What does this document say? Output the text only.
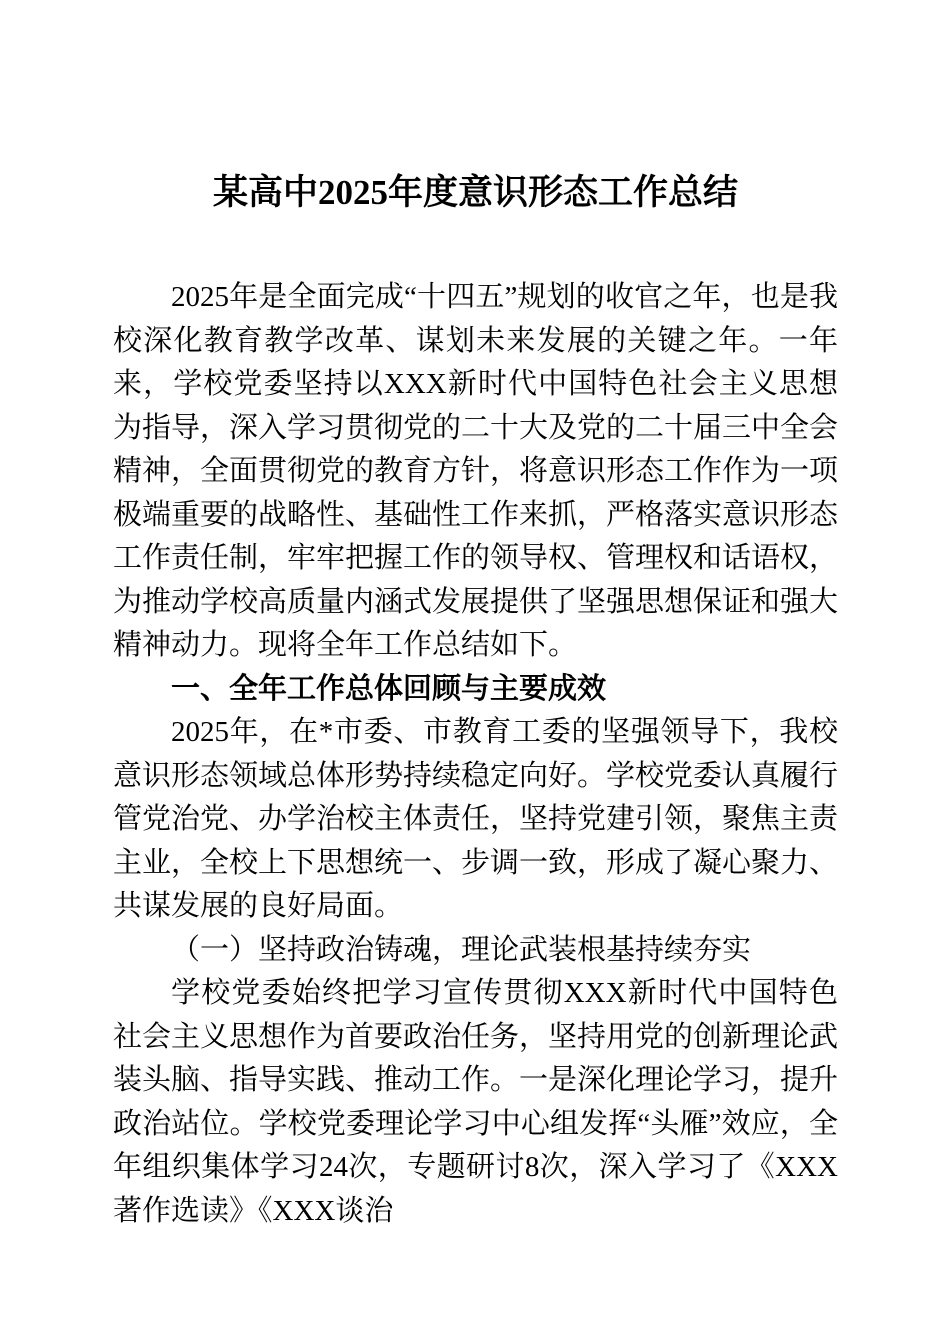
某高中2025年度意识形态工作总结

2025年是全面完成“十四五”规划的收官之年，也是我校深化教育教学改革、谋划未来发展的关键之年。一年来，学校党委坚持以XXX新时代中国特色社会主义思想为指导，深入学习贯彻党的二十大及党的二十届三中全会精神，全面贯彻党的教育方针，将意识形态工作作为一项极端重要的战略性、基础性工作来抓，严格落实意识形态工作责任制，牢牢把握工作的领导权、管理权和话语权，为推动学校高质量内涵式发展提供了坚强思想保证和强大精神动力。现将全年工作总结如下。

一、全年工作总体回顾与主要成效

2025年，在*市委、市教育工委的坚强领导下，我校意识形态领域总体形势持续稳定向好。学校党委认真履行管党治党、办学治校主体责任，坚持党建引领，聚焦主责主业，全校上下思想统一、步调一致，形成了凝心聚力、共谋发展的良好局面。

（一）坚持政治铸魂，理论武装根基持续夯实

学校党委始终把学习宣传贯彻XXX新时代中国特色社会主义思想作为首要政治任务，坚持用党的创新理论武装头脑、指导实践、推动工作。一是深化理论学习，提升政治站位。学校党委理论学习中心组发挥“头雁”效应，全年组织集体学习24次，专题研讨8次，深入学习了《XXX著作选读》《XXX谈治
